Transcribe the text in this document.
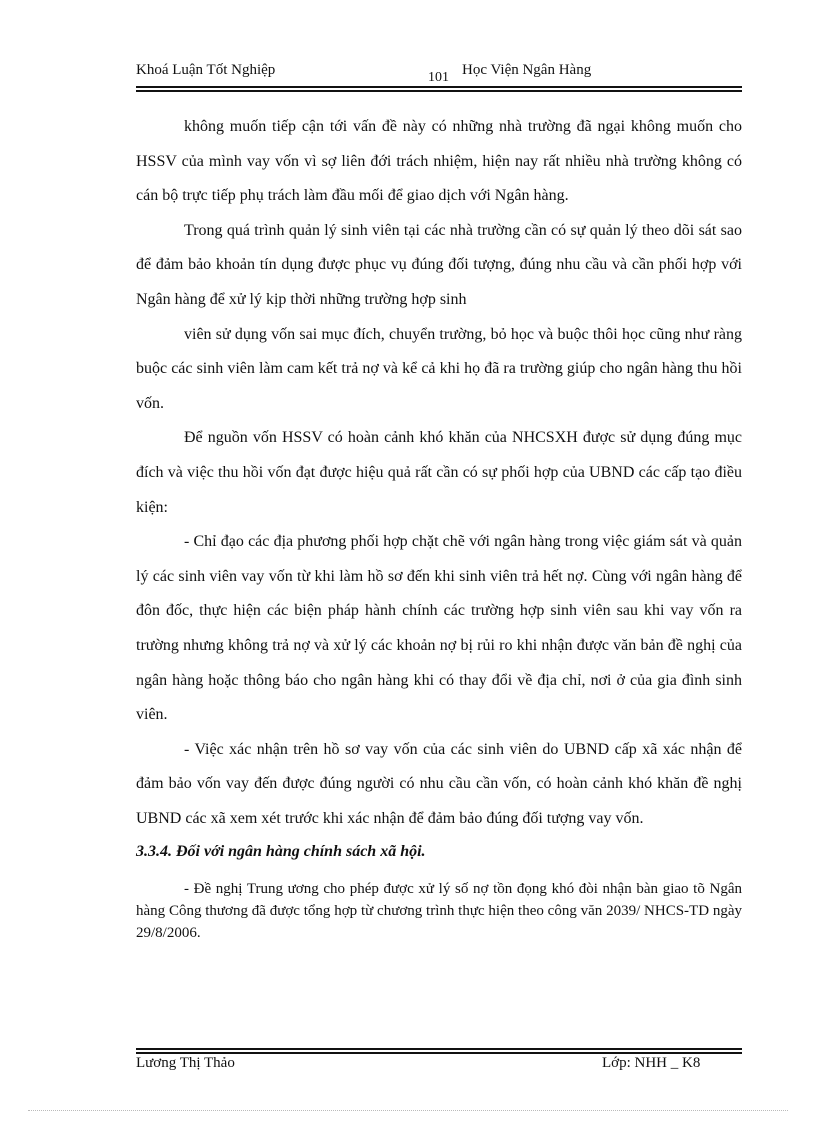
Khoá Luận Tốt Nghiệp	101 Học Viện Ngân Hàng

không muốn tiếp cận tới vấn đề này có những nhà trường đã ngại không muốn cho HSSV của mình vay vốn vì sợ liên đới trách nhiệm, hiện nay rất nhiều nhà trường không có cán bộ trực tiếp phụ trách làm đầu mối để giao dịch với Ngân hàng.

Trong quá trình quản lý sinh viên tại các nhà trường cần có sự quản lý theo dõi sát sao để đảm bảo khoản tín dụng được phục vụ đúng đối tượng, đúng nhu cầu và cần phối hợp với Ngân hàng để xử lý kịp thời những trường hợp sinh

viên sử dụng vốn sai mục đích, chuyển trường, bỏ học và buộc thôi học cũng như ràng buộc các sinh viên làm cam kết trả nợ và kể cả khi họ đã ra trường giúp cho ngân hàng thu hồi vốn.

Để nguồn vốn HSSV có hoàn cảnh khó khăn của NHCSXH được sử dụng đúng mục đích và việc thu hồi vốn đạt được hiệu quả rất cần có sự phối hợp của UBND các cấp tạo điều kiện:

- Chỉ đạo các địa phương phối hợp chặt chẽ với ngân hàng trong việc giám sát và quản lý các sinh viên vay vốn từ khi làm hồ sơ đến khi sinh viên trả hết nợ. Cùng với ngân hàng để đôn đốc, thực hiện các biện pháp hành chính các trường hợp sinh viên sau khi vay vốn ra trường nhưng không trả nợ và xử lý các khoản nợ bị rủi ro khi nhận được văn bản đề nghị của ngân hàng hoặc thông báo cho ngân hàng khi có thay đổi về địa chỉ, nơi ở của gia đình sinh viên.

- Việc xác nhận trên hồ sơ vay vốn của các sinh viên do UBND cấp xã xác nhận để đảm bảo vốn vay đến được đúng người có nhu cầu cần vốn, có hoàn cảnh khó khăn đề nghị UBND các xã xem xét trước khi xác nhận để đảm bảo đúng đối tượng vay vốn.

3.3.4. Đối với ngân hàng chính sách xã hội.

- Đề nghị Trung ương cho phép được xử lý số nợ tồn đọng khó đòi nhận bàn giao tõ Ngân hàng Công thương đã được tổng hợp từ chương trình thực hiện theo công văn 2039/ NHCS-TD ngày 29/8/2006.

Lương Thị Thảo	Lớp: NHH _ K8
